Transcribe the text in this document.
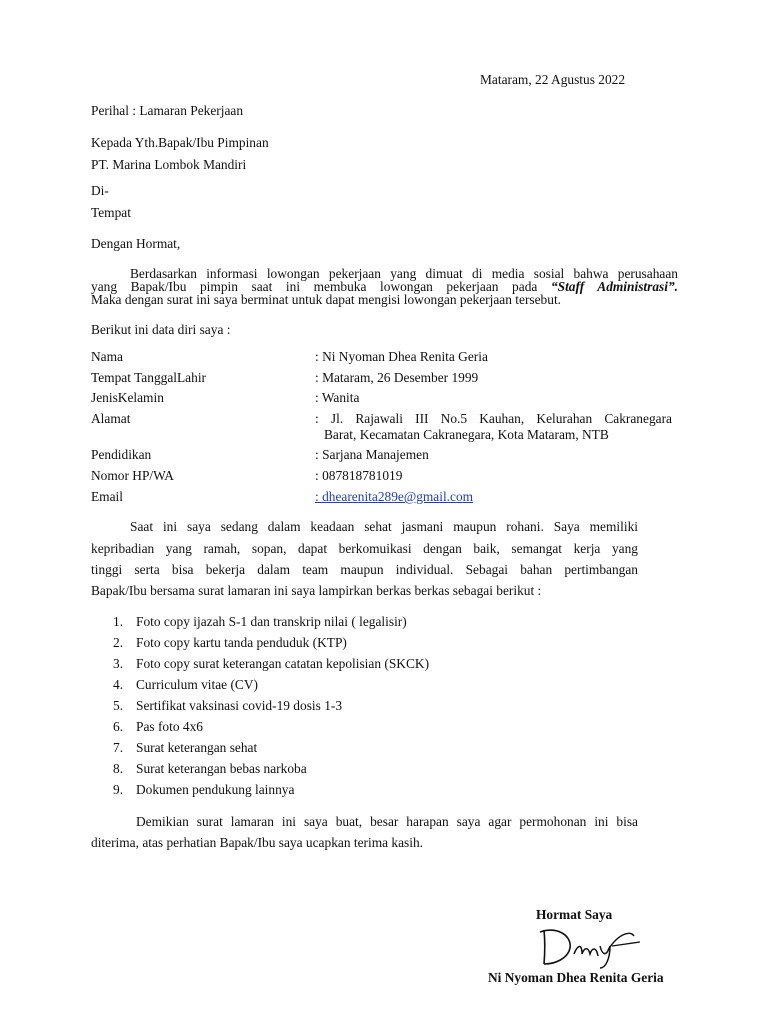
Mataram, 22 Agustus 2022
Perihal : Lamaran Pekerjaan
Kepada Yth.Bapak/Ibu Pimpinan
PT. Marina Lombok Mandiri
Di-
Tempat
Dengan Hormat,
Berdasarkan informasi lowongan pekerjaan yang dimuat di media sosial bahwa perusahaan
yang Bapak/Ibu pimpin saat ini membuka lowongan pekerjaan pada “Staff Administrasi”.
Maka dengan surat ini saya berminat untuk dapat mengisi lowongan pekerjaan tersebut.
Berikut ini data diri saya :
Nama	: Ni Nyoman Dhea Renita Geria
Tempat TanggalLahir	: Mataram, 26 Desember 1999
JenisKelamin	: Wanita
Alamat	: Jl. Rajawali III No.5 Kauhan, Kelurahan Cakranegara
Barat, Kecamatan Cakranegara, Kota Mataram, NTB
Pendidikan	: Sarjana Manajemen
Nomor HP/WA	: 087818781019
Email	: dhearenita289e@gmail.com
Saat ini saya sedang dalam keadaan sehat jasmani maupun rohani. Saya memiliki
kepribadian yang ramah, sopan, dapat berkomuikasi dengan baik, semangat kerja yang
tinggi serta bisa bekerja dalam team maupun individual. Sebagai bahan pertimbangan
Bapak/Ibu bersama surat lamaran ini saya lampirkan berkas berkas sebagai berikut :
1. Foto copy ijazah S-1 dan transkrip nilai ( legalisir)
2. Foto copy kartu tanda penduduk (KTP)
3. Foto copy surat keterangan catatan kepolisian (SKCK)
4. Curriculum vitae (CV)
5. Sertifikat vaksinasi covid-19 dosis 1-3
6. Pas foto 4x6
7. Surat keterangan sehat
8. Surat keterangan bebas narkoba
9. Dokumen pendukung lainnya
Demikian surat lamaran ini saya buat, besar harapan saya agar permohonan ini bisa
diterima, atas perhatian Bapak/Ibu saya ucapkan terima kasih.
Hormat Saya
Ni Nyoman Dhea Renita Geria
